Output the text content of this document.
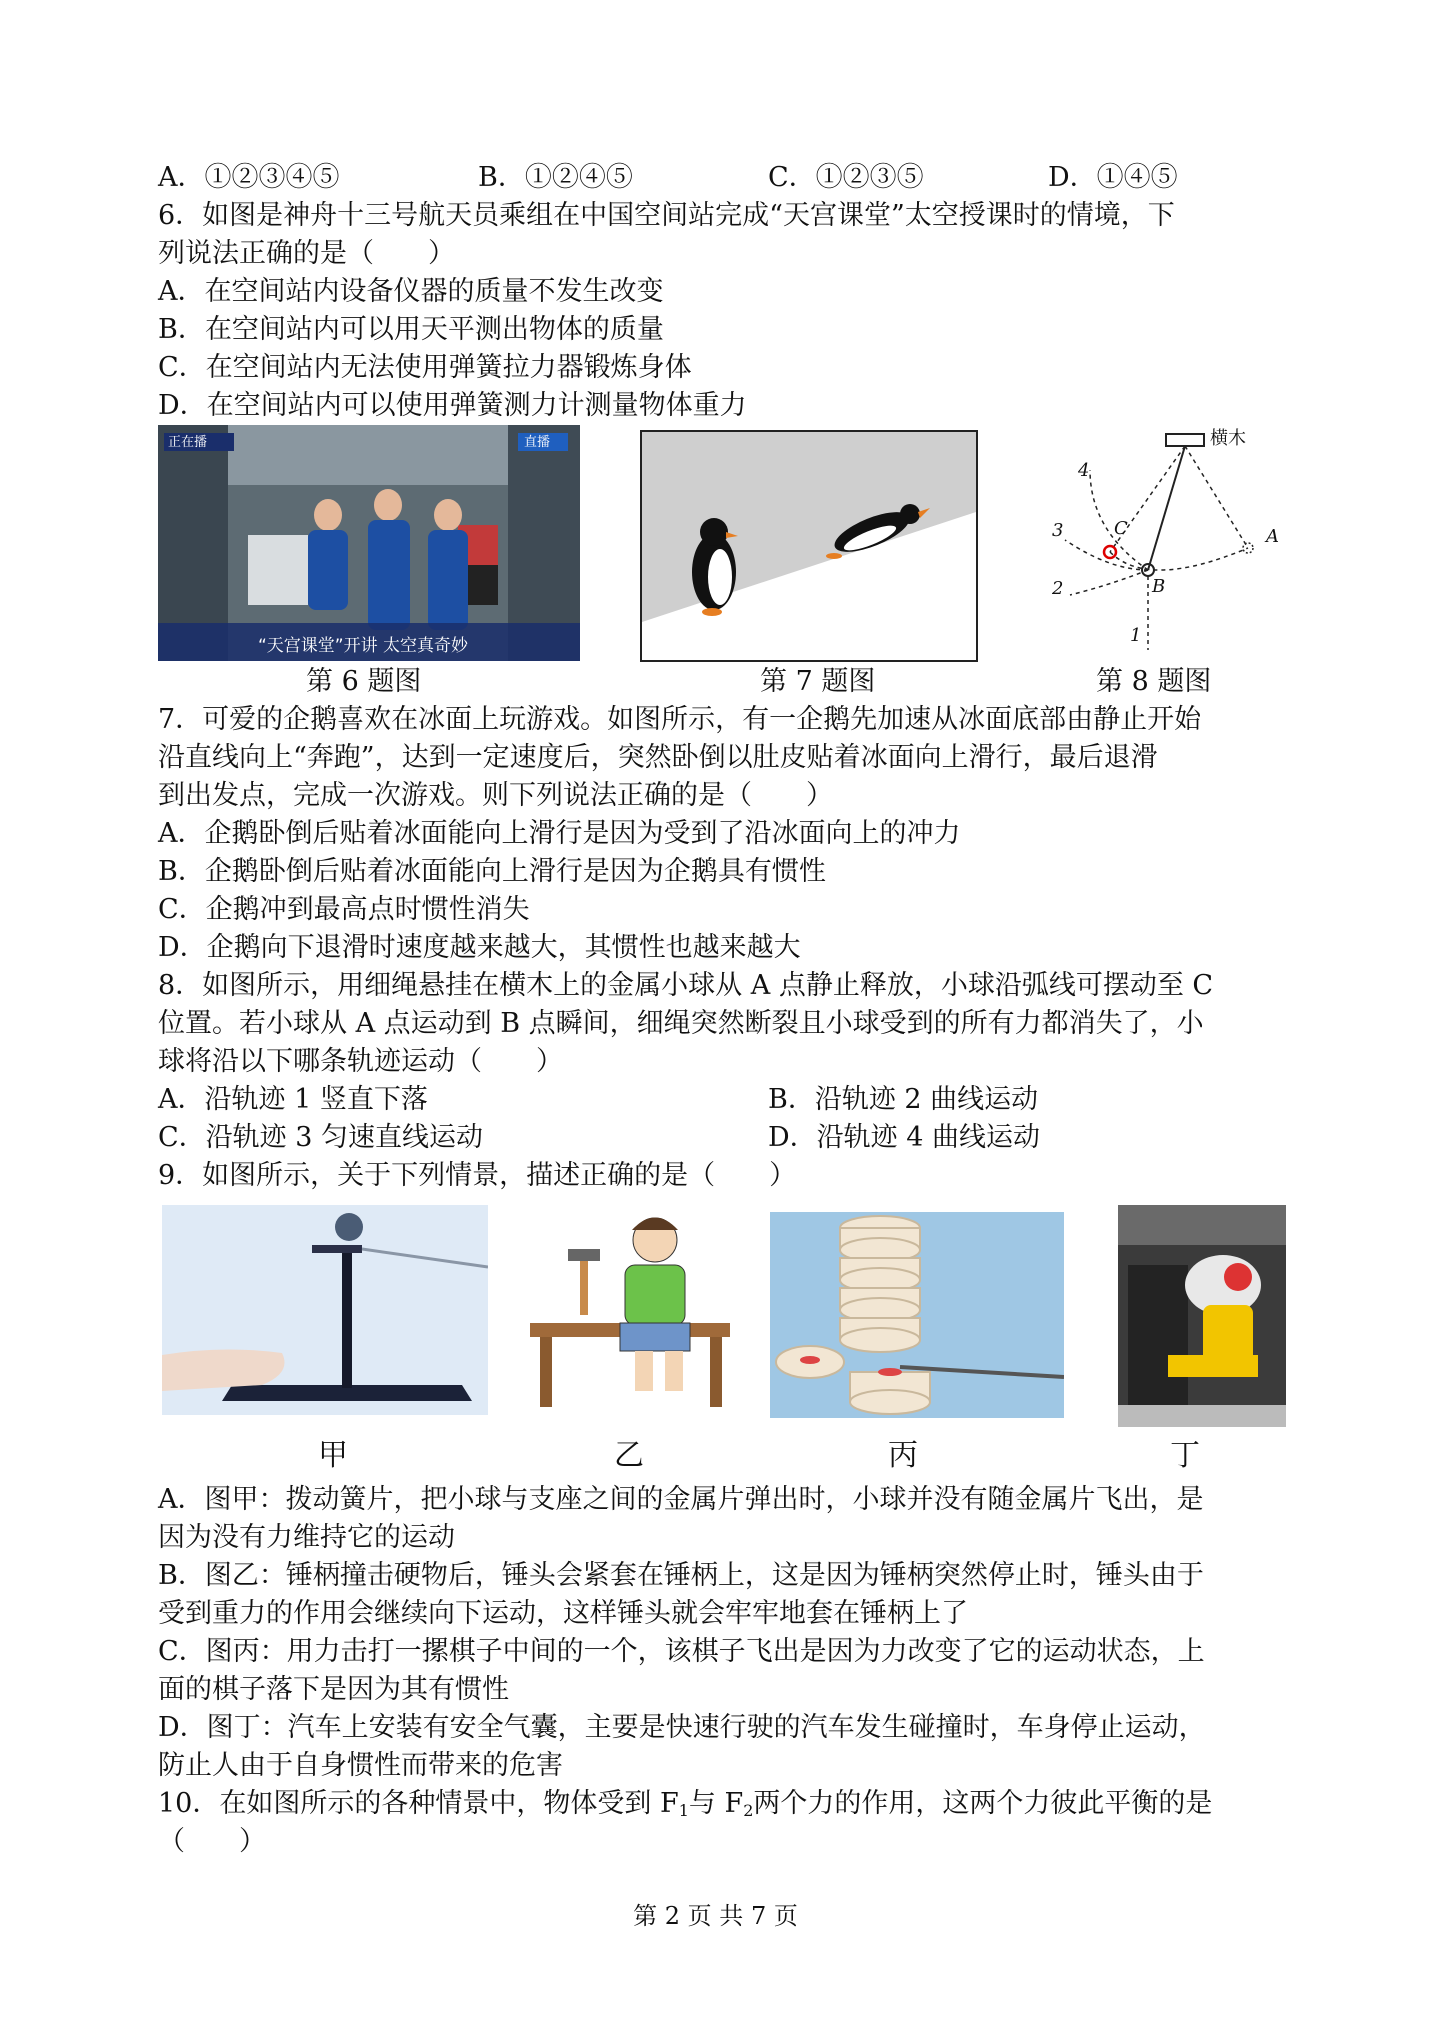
A．①②③④⑤	B．①②④⑤	C．①②③⑤	D．①④⑤
6．如图是神舟十三号航天员乘组在中国空间站完成“天宫课堂”太空授课时的情境，下
列说法正确的是（　　）
A．在空间站内设备仪器的质量不发生改变
B．在空间站内可以用天平测出物体的质量
C．在空间站内无法使用弹簧拉力器锻炼身体
D．在空间站内可以使用弹簧测力计测量物体重力
正在播	直播
“天宫课堂”开讲 太空真奇妙
横木
4
3
2
1
A
B
C
第 6 题图	第 7 题图	第 8 题图
7．可爱的企鹅喜欢在冰面上玩游戏。如图所示，有一企鹅先加速从冰面底部由静止开始
沿直线向上“奔跑”，达到一定速度后，突然卧倒以肚皮贴着冰面向上滑行，最后退滑
到出发点，完成一次游戏。则下列说法正确的是（　　）
A．企鹅卧倒后贴着冰面能向上滑行是因为受到了沿冰面向上的冲力
B．企鹅卧倒后贴着冰面能向上滑行是因为企鹅具有惯性
C．企鹅冲到最高点时惯性消失
D．企鹅向下退滑时速度越来越大，其惯性也越来越大
8．如图所示，用细绳悬挂在横木上的金属小球从 A 点静止释放，小球沿弧线可摆动至 C
位置。若小球从 A 点运动到 B 点瞬间，细绳突然断裂且小球受到的所有力都消失了，小
球将沿以下哪条轨迹运动（　　）
A．沿轨迹 1 竖直下落	B．沿轨迹 2 曲线运动
C．沿轨迹 3 匀速直线运动	D．沿轨迹 4 曲线运动
9．如图所示，关于下列情景，描述正确的是（　　）
甲	乙	丙	丁
A．图甲：拨动簧片，把小球与支座之间的金属片弹出时，小球并没有随金属片飞出，是
因为没有力维持它的运动
B．图乙：锤柄撞击硬物后，锤头会紧套在锤柄上，这是因为锤柄突然停止时，锤头由于
受到重力的作用会继续向下运动，这样锤头就会牢牢地套在锤柄上了
C．图丙：用力击打一摞棋子中间的一个，该棋子飞出是因为力改变了它的运动状态，上
面的棋子落下是因为其有惯性
D．图丁：汽车上安装有安全气囊，主要是快速行驶的汽车发生碰撞时，车身停止运动，
防止人由于自身惯性而带来的危害
10．在如图所示的各种情景中，物体受到 F1与 F2两个力的作用，这两个力彼此平衡的是
（　　）
第 2 页 共 7 页
